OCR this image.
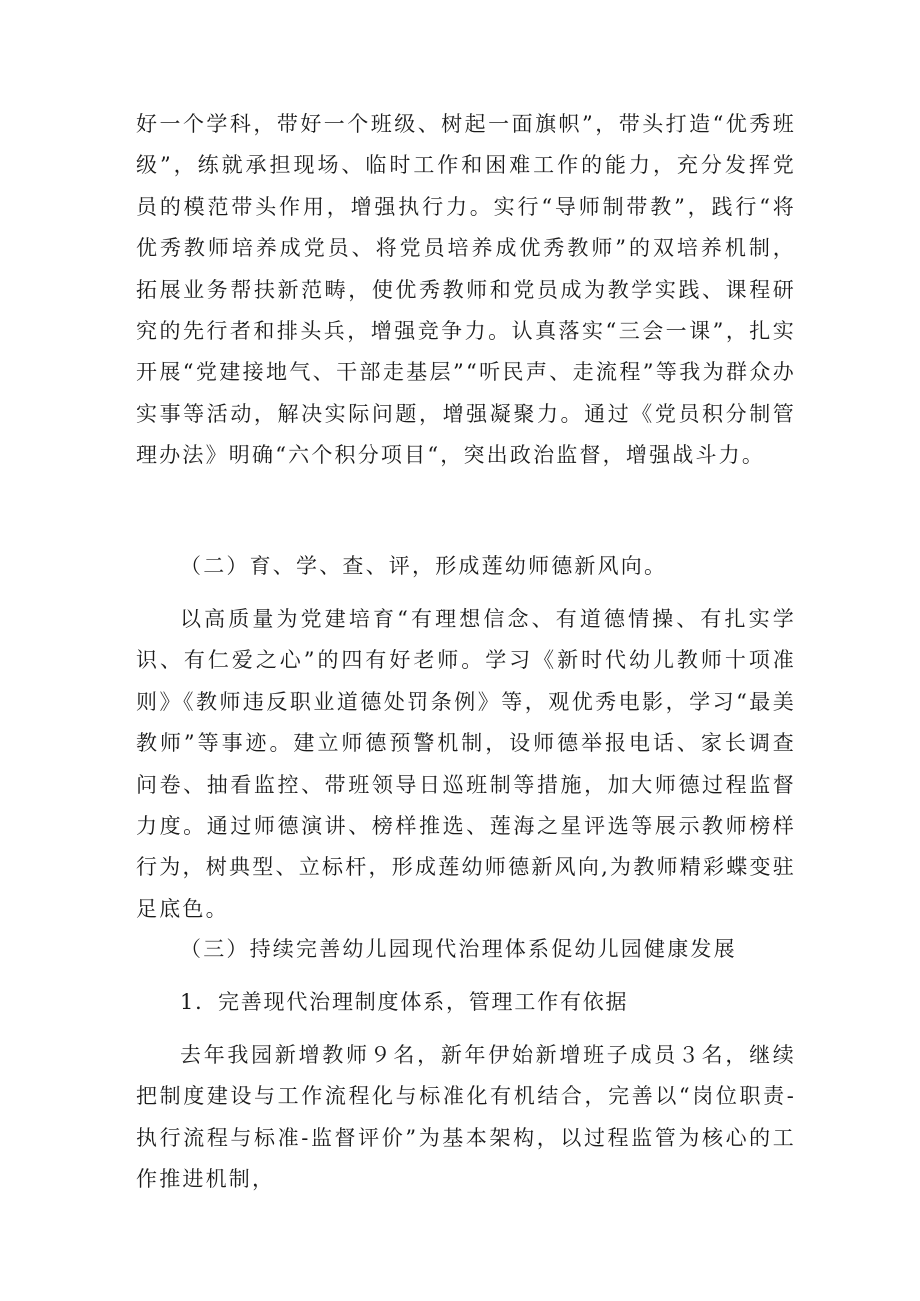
好一个学科，带好一个班级、树起一面旗帜”，带头打造“优秀班级”，练就承担现场、临时工作和困难工作的能力，充分发挥党员的模范带头作用，增强执行力。实行“导师制带教”，践行“将优秀教师培养成党员、将党员培养成优秀教师”的双培养机制，拓展业务帮扶新范畴，使优秀教师和党员成为教学实践、课程研究的先行者和排头兵，增强竞争力。认真落实“三会一课”，扎实开展“党建接地气、干部走基层”“听民声、走流程”等我为群众办实事等活动，解决实际问题，增强凝聚力。通过《党员积分制管理办法》明确“六个积分项目“，突出政治监督，增强战斗力。

（二）育、学、查、评，形成莲幼师德新风向。

以高质量为党建培育“有理想信念、有道德情操、有扎实学识、有仁爱之心”的四有好老师。学习《新时代幼儿教师十项准则》《教师违反职业道德处罚条例》等，观优秀电影，学习“最美教师”等事迹。建立师德预警机制，设师德举报电话、家长调查问卷、抽看监控、带班领导日巡班制等措施，加大师德过程监督力度。通过师德演讲、榜样推选、莲海之星评选等展示教师榜样行为，树典型、立标杆，形成莲幼师德新风向,为教师精彩蝶变驻足底色。

（三）持续完善幼儿园现代治理体系促幼儿园健康发展

1．完善现代治理制度体系，管理工作有依据

去年我园新增教师９名，新年伊始新增班子成员３名，继续把制度建设与工作流程化与标准化有机结合，完善以“岗位职责-执行流程与标准-监督评价”为基本架构，以过程监管为核心的工作推进机制，
